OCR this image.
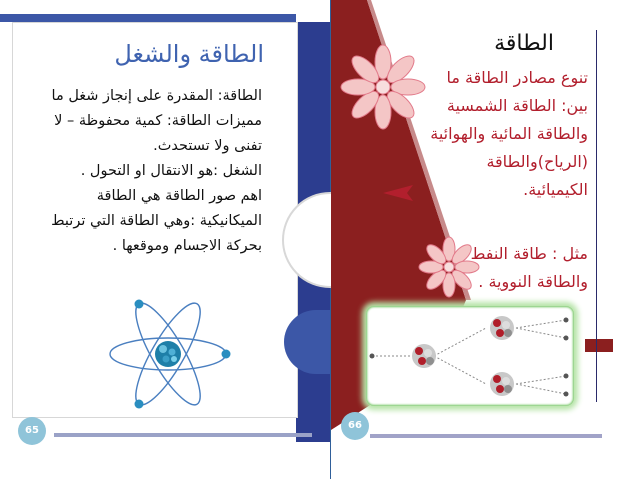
الطاقة والشغل
الطاقة: المقدرة على إنجاز شغل ما
مميزات الطاقة: كمية محفوظة – لا
تفنى ولا تستحدث.
الشغل :هو الانتقال او التحول .
اهم صور الطاقة هي الطاقة
الميكانيكية :وهي الطاقة التي ترتبط
بحركة الاجسام وموقعها .
65
الطاقة
تنوع مصادر الطاقة ما
بين: الطاقة الشمسية
والطاقة المائية والهوائية
(الرياح)والطاقة
الكيميائية.
مثل : طاقة النفط
والطاقة النووية .
66
